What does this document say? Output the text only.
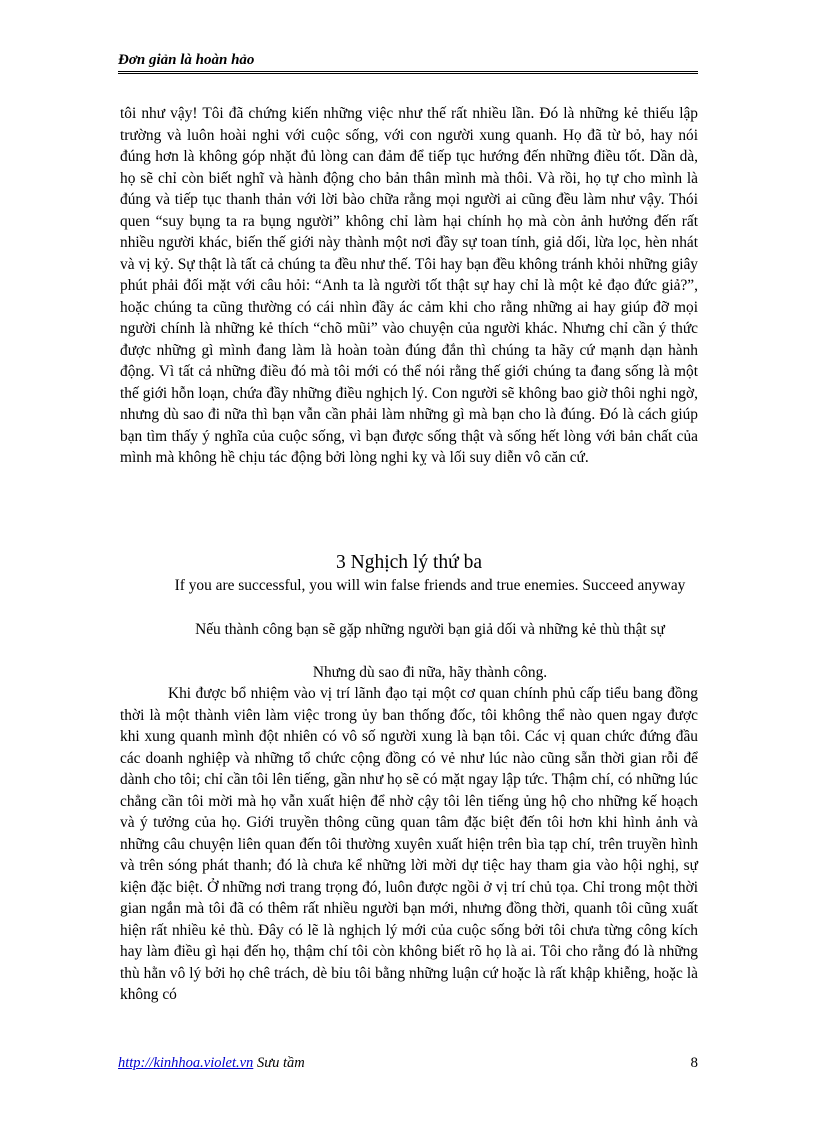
Đơn giản là hoàn hảo

tôi như vậy! Tôi đã chứng kiến những việc như thế rất nhiều lần. Đó là những kẻ thiếu lập trường và luôn hoài nghi với cuộc sống, với con người xung quanh. Họ đã từ bỏ, hay nói đúng hơn là không góp nhặt đủ lòng can đảm để tiếp tục hướng đến những điều tốt. Dần dà, họ sẽ chỉ còn biết nghĩ và hành động cho bản thân mình mà thôi. Và rồi, họ tự cho mình là đúng và tiếp tục thanh thản với lời bào chữa rằng mọi người ai cũng đều làm như vậy. Thói quen “suy bụng ta ra bụng người” không chỉ làm hại chính họ mà còn ảnh hưởng đến rất nhiều người khác, biến thế giới này thành một nơi đầy sự toan tính, giả dối, lừa lọc, hèn nhát và vị kỷ. Sự thật là tất cả chúng ta đều như thế. Tôi hay bạn đều không tránh khỏi những giây phút phải đối mặt với câu hỏi: “Anh ta là người tốt thật sự hay chỉ là một kẻ đạo đức giả?”, hoặc chúng ta cũng thường có cái nhìn đầy ác cảm khi cho rằng những ai hay giúp đỡ mọi người chính là những kẻ thích “chõ mũi” vào chuyện của người khác. Nhưng chỉ cần ý thức được những gì mình đang làm là hoàn toàn đúng đắn thì chúng ta hãy cứ mạnh dạn hành động. Vì tất cả những điều đó mà tôi mới có thể nói rằng thế giới chúng ta đang sống là một thế giới hỗn loạn, chứa đầy những điều nghịch lý. Con người sẽ không bao giờ thôi nghi ngờ, nhưng dù sao đi nữa thì bạn vẫn cần phải làm những gì mà bạn cho là đúng. Đó là cách giúp bạn tìm thấy ý nghĩa của cuộc sống, vì bạn được sống thật và sống hết lòng với bản chất của mình mà không hề chịu tác động bởi lòng nghi kỵ và lối suy diễn vô căn cứ.

3 Nghịch lý thứ ba
If you are successful, you will win false friends and true enemies. Succeed anyway
Nếu thành công bạn sẽ gặp những người bạn giả dối và những kẻ thù thật sự
Nhưng dù sao đi nữa, hãy thành công.

Khi được bổ nhiệm vào vị trí lãnh đạo tại một cơ quan chính phủ cấp tiểu bang đồng thời là một thành viên làm việc trong ủy ban thống đốc, tôi không thể nào quen ngay được khi xung quanh mình đột nhiên có vô số người xung là bạn tôi. Các vị quan chức đứng đầu các doanh nghiệp và những tổ chức cộng đồng có vẻ như lúc nào cũng sẵn thời gian rỗi để dành cho tôi; chỉ cần tôi lên tiếng, gần như họ sẽ có mặt ngay lập tức. Thậm chí, có những lúc chẳng cần tôi mời mà họ vẫn xuất hiện để nhờ cậy tôi lên tiếng ủng hộ cho những kế hoạch và ý tưởng của họ. Giới truyền thông cũng quan tâm đặc biệt đến tôi hơn khi hình ảnh và những câu chuyện liên quan đến tôi thường xuyên xuất hiện trên bìa tạp chí, trên truyền hình và trên sóng phát thanh; đó là chưa kể những lời mời dự tiệc hay tham gia vào hội nghị, sự kiện đặc biệt. Ở những nơi trang trọng đó, luôn được ngồi ở vị trí chủ tọa. Chỉ trong một thời gian ngắn mà tôi đã có thêm rất nhiều người bạn mới, nhưng đồng thời, quanh tôi cũng xuất hiện rất nhiều kẻ thù. Đây có lẽ là nghịch lý mới của cuộc sống bởi tôi chưa từng công kích hay làm điều gì hại đến họ, thậm chí tôi còn không biết rõ họ là ai. Tôi cho rằng đó là những thù hằn vô lý bởi họ chê trách, dè bỉu tôi bằng những luận cứ hoặc là rất khập khiễng, hoặc là không có

http://kinhhoa.violet.vn Sưu tầm	8
